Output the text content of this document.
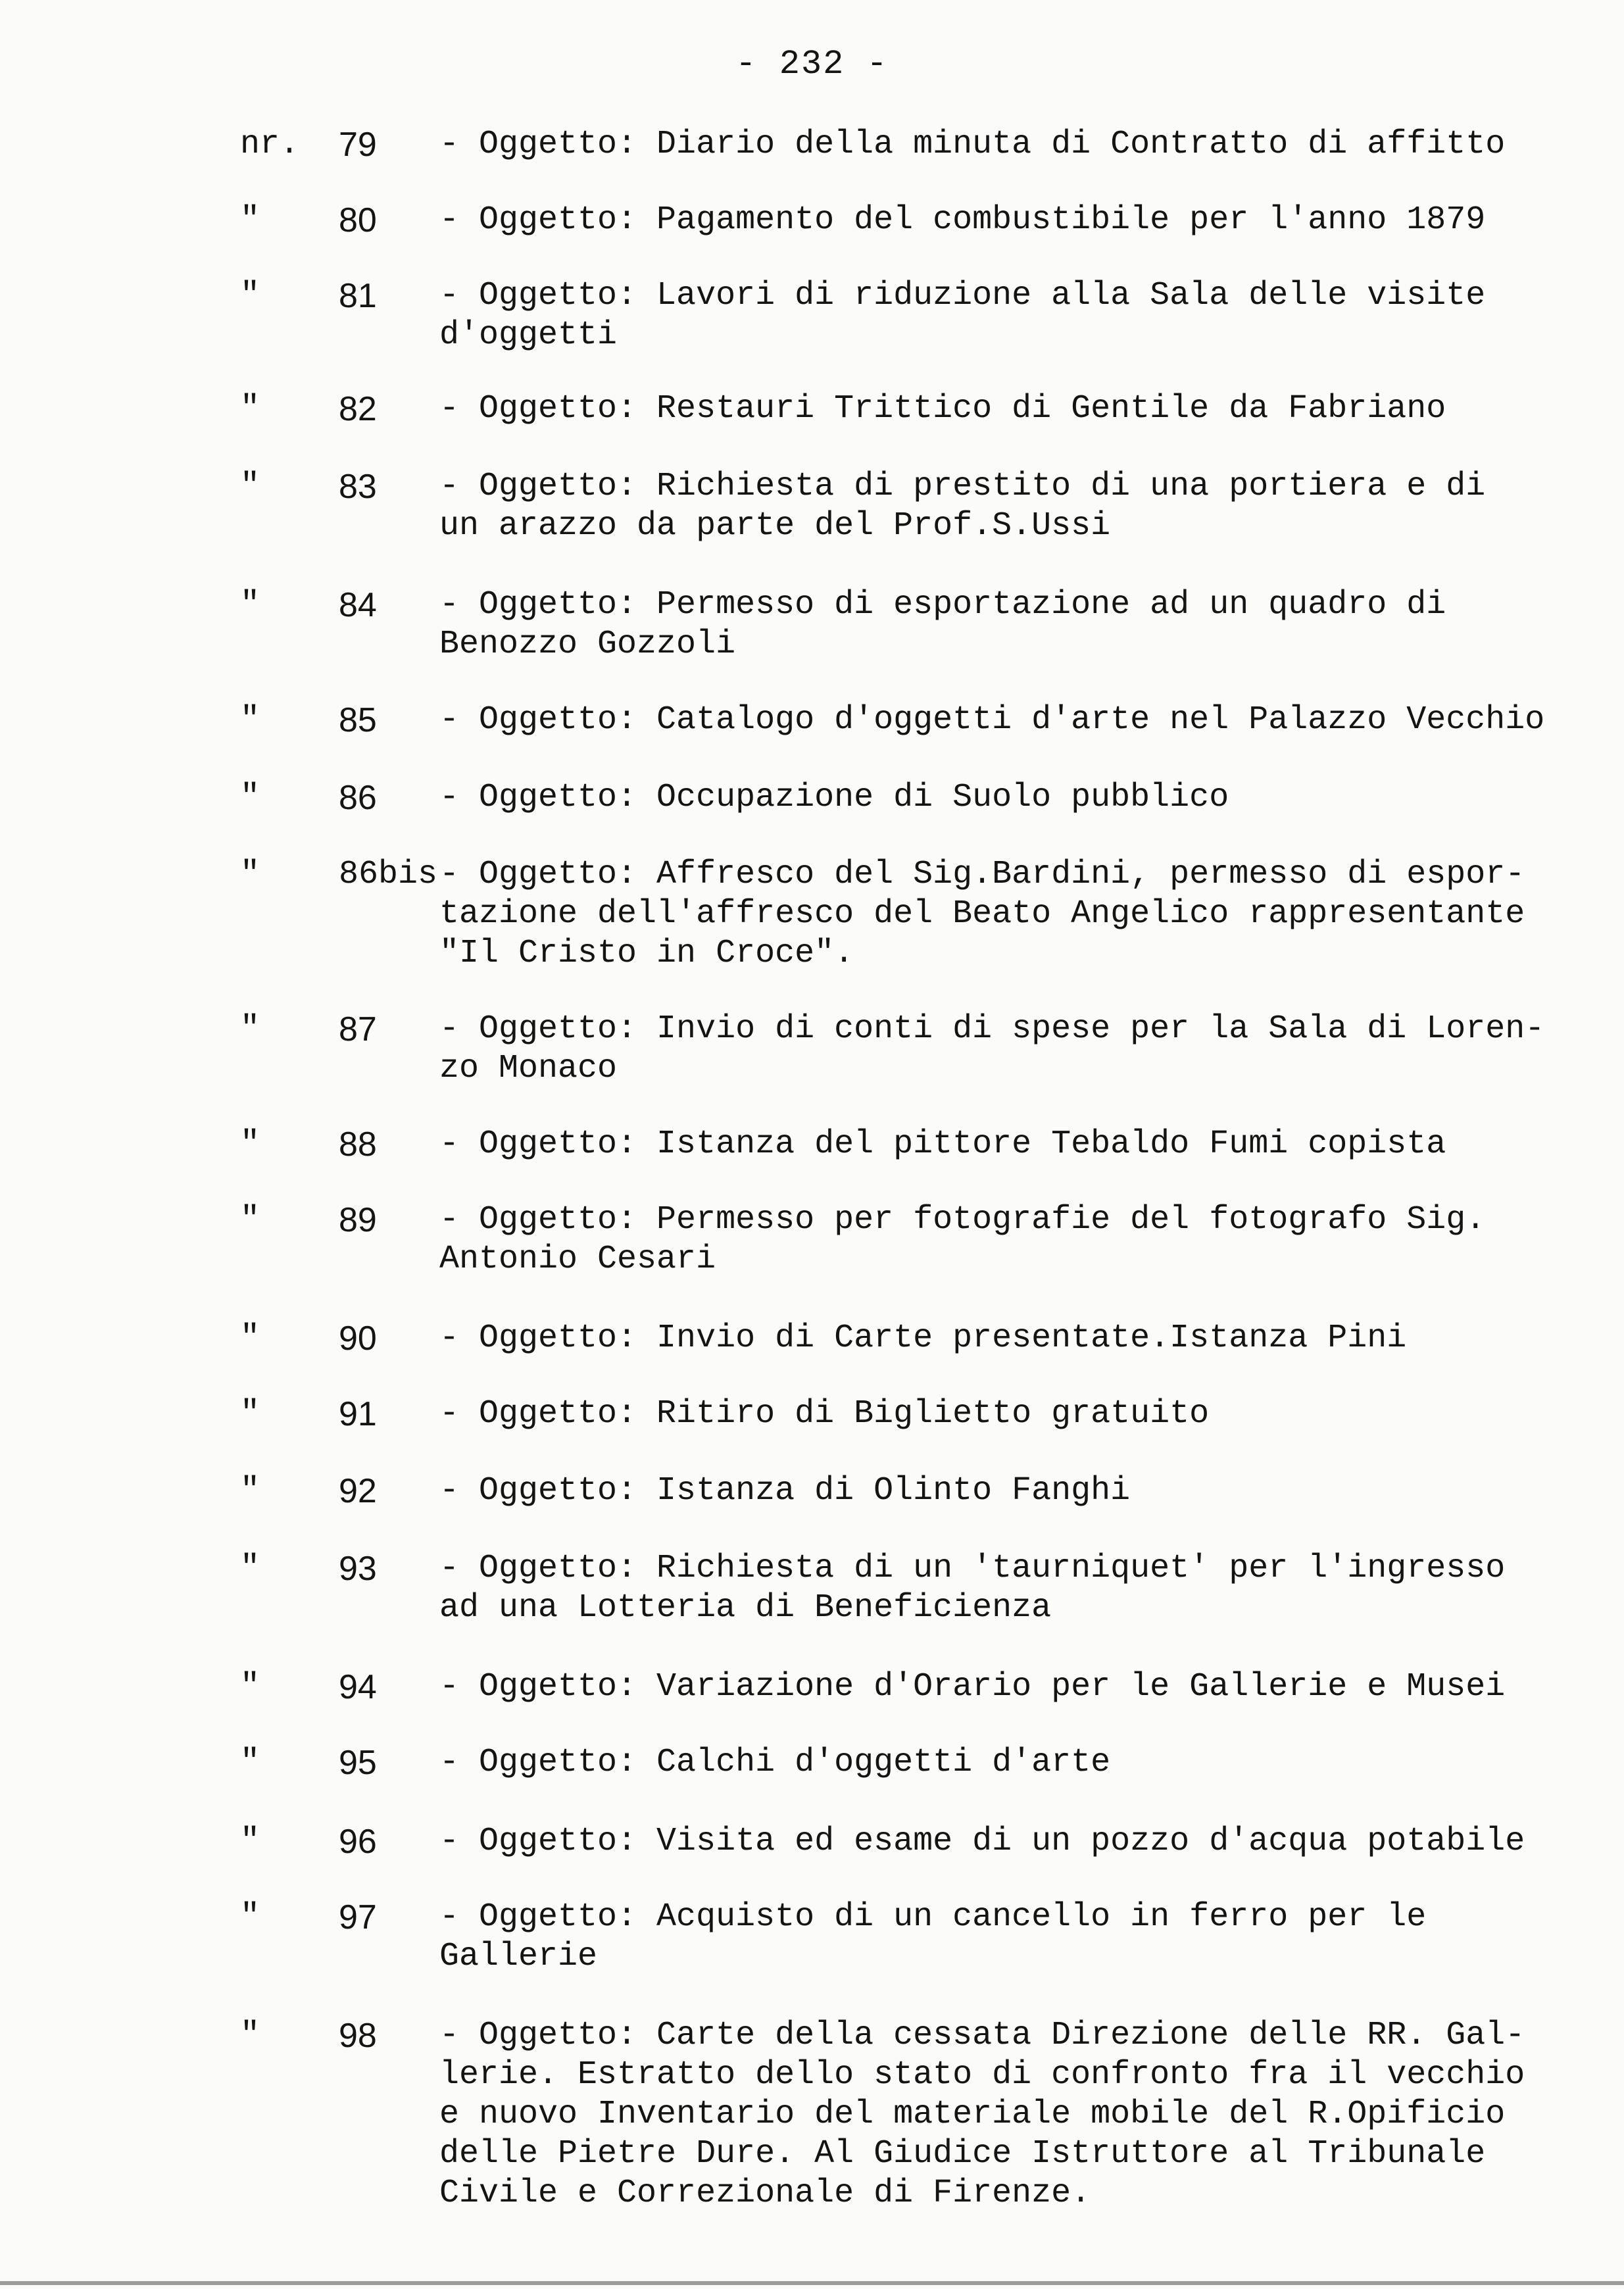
- 232 -
nr.	79 - Oggetto: Diario della minuta di Contratto di affitto
"	80 - Oggetto: Pagamento del combustibile per l'anno 1879
"	81 - Oggetto: Lavori di riduzione alla Sala delle visite
d'oggetti
"	82 - Oggetto: Restauri Trittico di Gentile da Fabriano
"	83 - Oggetto: Richiesta di prestito di una portiera e di
un arazzo da parte del Prof.S.Ussi
"	84 - Oggetto: Permesso di esportazione ad un quadro di
Benozzo Gozzoli
"	85 - Oggetto: Catalogo d'oggetti d'arte nel Palazzo Vecchio
"	86 - Oggetto: Occupazione di Suolo pubblico
"	86bis - Oggetto: Affresco del Sig.Bardini, permesso di espor-
tazione dell'affresco del Beato Angelico rappresentante
"Il Cristo in Croce".
"	87 - Oggetto: Invio di conti di spese per la Sala di Loren-
zo Monaco
"	88 - Oggetto: Istanza del pittore Tebaldo Fumi copista
"	89 - Oggetto: Permesso per fotografie del fotografo Sig.
Antonio Cesari
"	90 - Oggetto: Invio di Carte presentate.Istanza Pini
"	91 - Oggetto: Ritiro di Biglietto gratuito
"	92 - Oggetto: Istanza di Olinto Fanghi
"	93 - Oggetto: Richiesta di un 'taurniquet' per l'ingresso
ad una Lotteria di Beneficienza
"	94 - Oggetto: Variazione d'Orario per le Gallerie e Musei
"	95 - Oggetto: Calchi d'oggetti d'arte
"	96 - Oggetto: Visita ed esame di un pozzo d'acqua potabile
"	97 - Oggetto: Acquisto di un cancello in ferro per le
Gallerie
"	98 - Oggetto: Carte della cessata Direzione delle RR. Gal-
lerie. Estratto dello stato di confronto fra il vecchio
e nuovo Inventario del materiale mobile del R.Opificio
delle Pietre Dure. Al Giudice Istruttore al Tribunale
Civile e Correzionale di Firenze.
